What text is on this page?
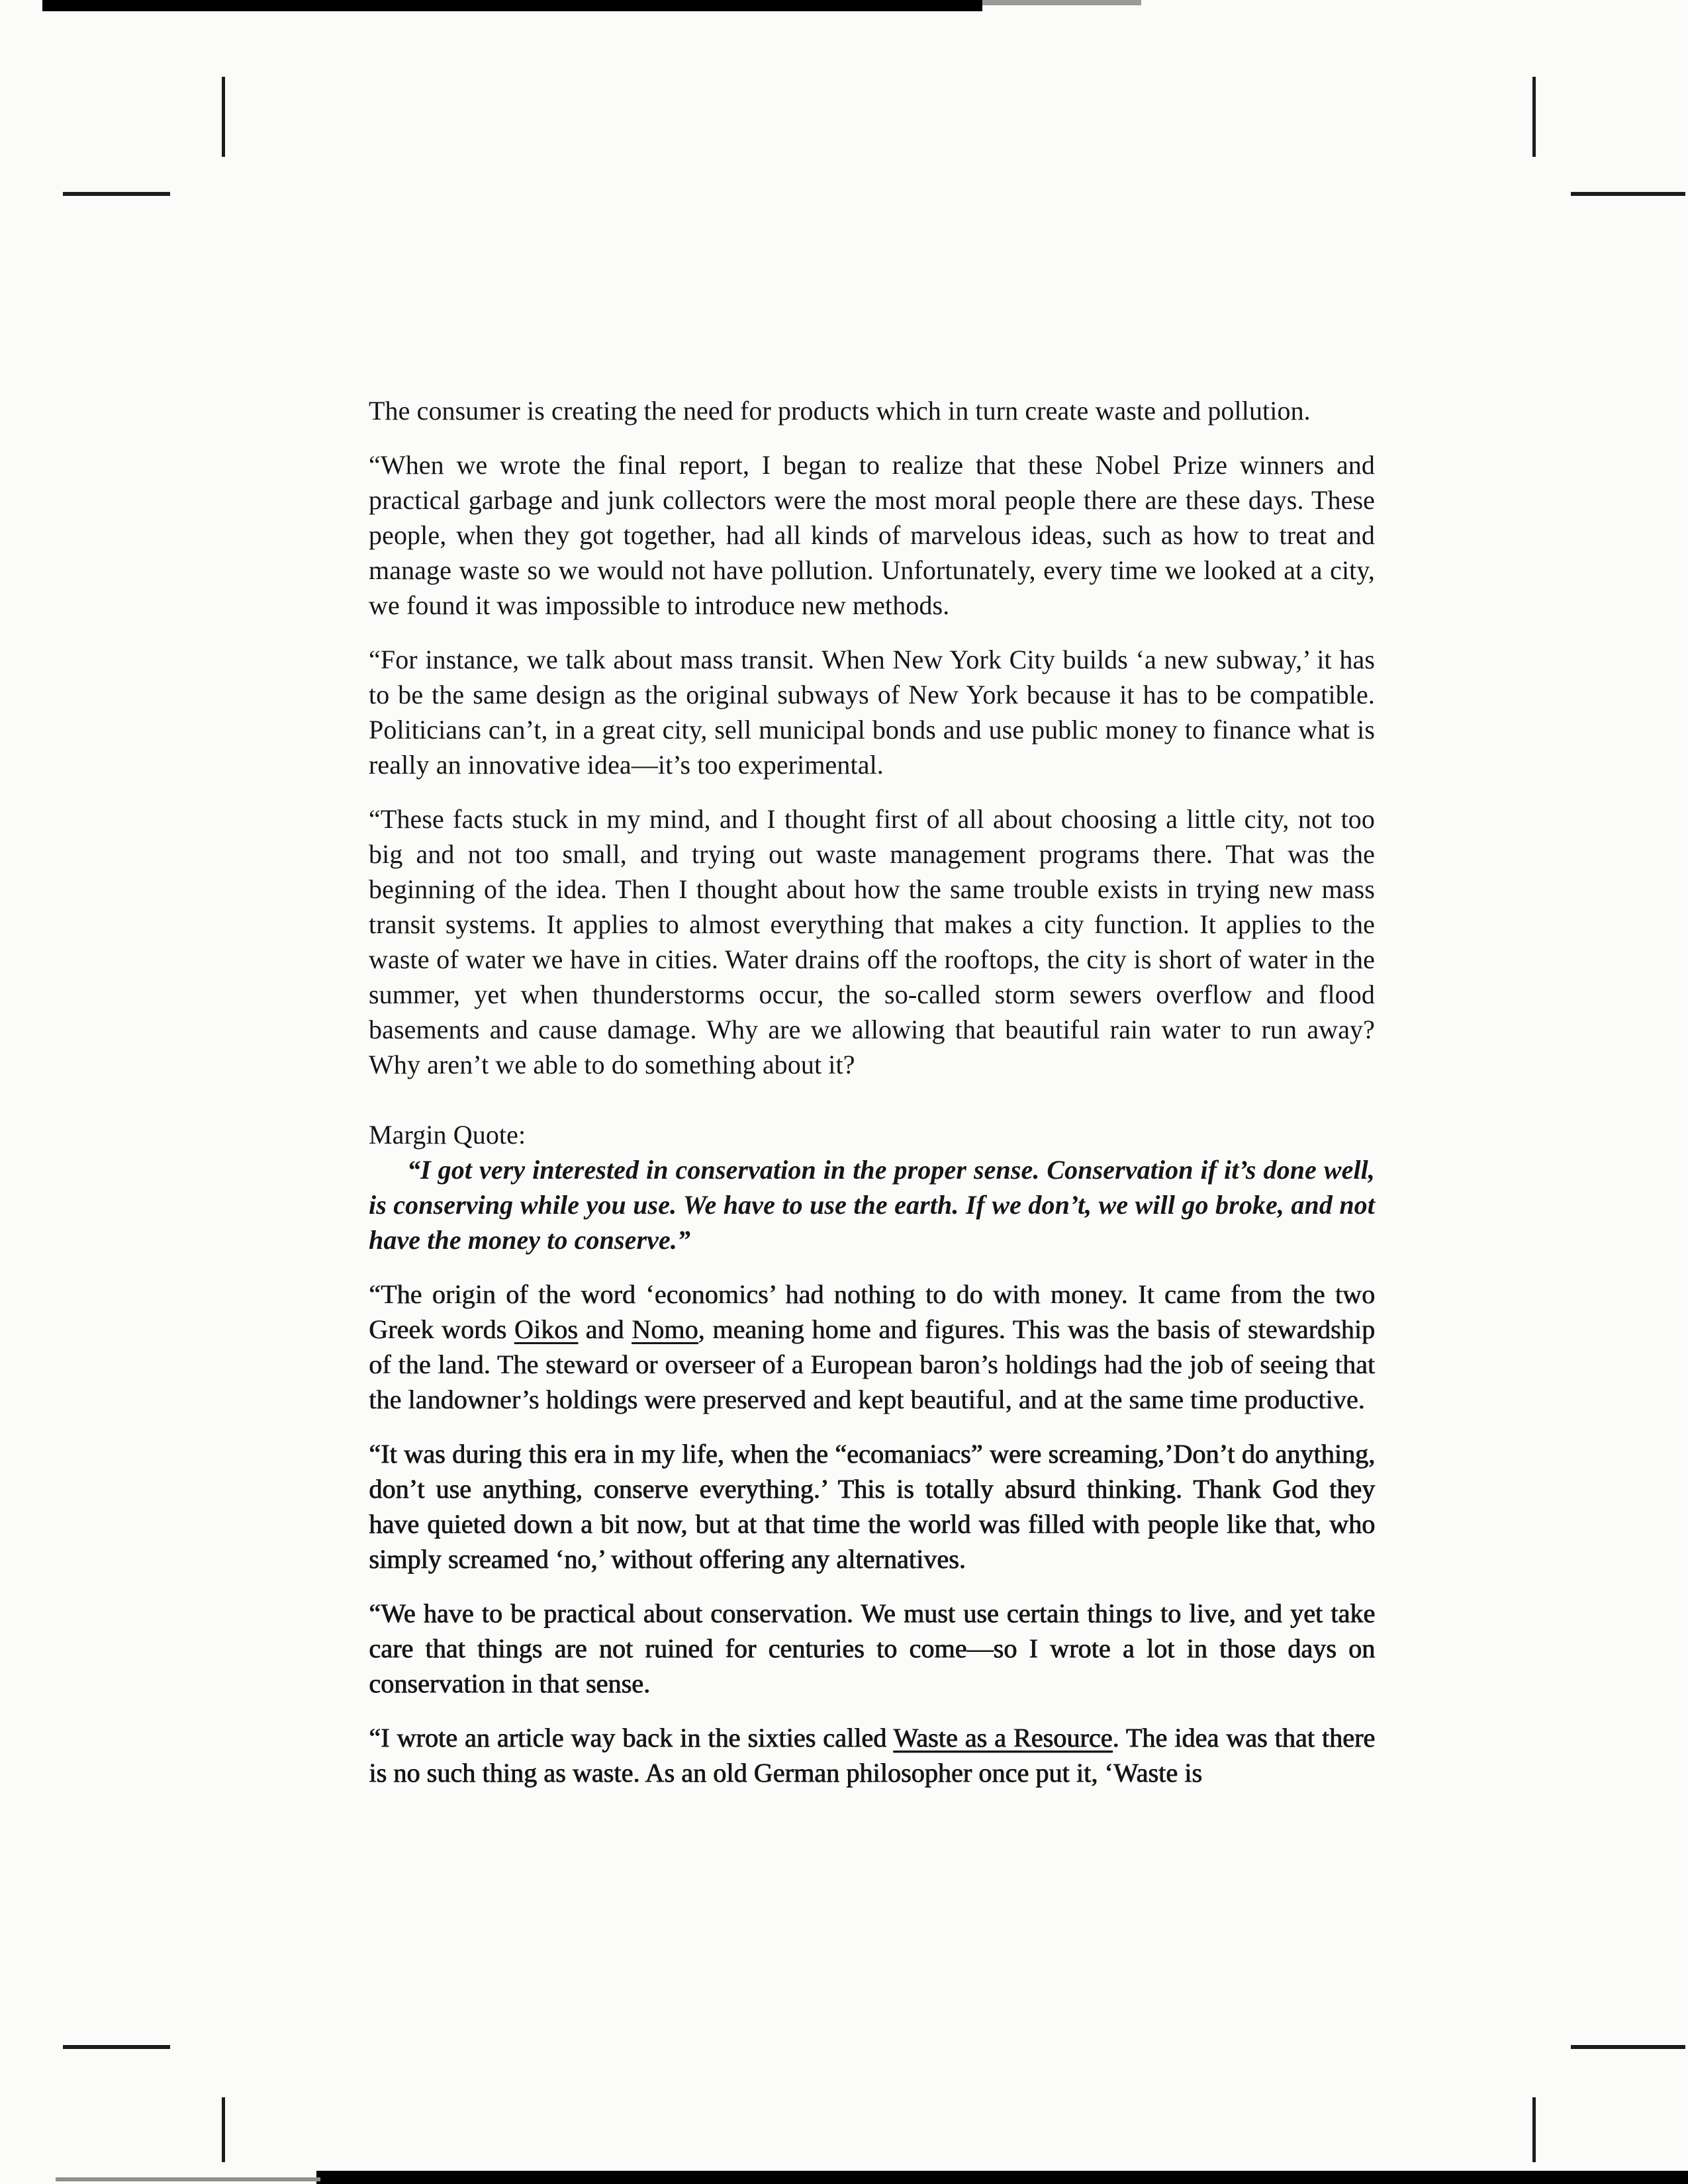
The consumer is creating the need for products which in turn create waste and pollution.

“When we wrote the final report, I began to realize that these Nobel Prize winners and practical garbage and junk collectors were the most moral people there are these days. These people, when they got together, had all kinds of marvelous ideas, such as how to treat and manage waste so we would not have pollution. Unfortunately, every time we looked at a city, we found it was impossible to introduce new methods.

“For instance, we talk about mass transit. When New York City builds ‘a new subway,’ it has to be the same design as the original subways of New York because it has to be compatible. Politicians can’t, in a great city, sell municipal bonds and use public money to finance what is really an innovative idea—it’s too experimental.

“These facts stuck in my mind, and I thought first of all about choosing a little city, not too big and not too small, and trying out waste management programs there. That was the beginning of the idea. Then I thought about how the same trouble exists in trying new mass transit systems. It applies to almost everything that makes a city function. It applies to the waste of water we have in cities. Water drains off the rooftops, the city is short of water in the summer, yet when thunderstorms occur, the so-called storm sewers overflow and flood basements and cause damage. Why are we allowing that beautiful rain water to run away? Why aren’t we able to do something about it?

Margin Quote:

“I got very interested in conservation in the proper sense. Conservation if it’s done well, is conserving while you use. We have to use the earth. If we don’t, we will go broke, and not have the money to conserve.”

“The origin of the word ‘economics’ had nothing to do with money. It came from the two Greek words Oikos and Nomo, meaning home and figures. This was the basis of stewardship of the land. The steward or overseer of a European baron’s holdings had the job of seeing that the landowner’s holdings were preserved and kept beautiful, and at the same time productive.

“It was during this era in my life, when the “ecomaniacs” were screaming,’Don’t do anything, don’t use anything, conserve everything.’ This is totally absurd thinking. Thank God they have quieted down a bit now, but at that time the world was filled with people like that, who simply screamed ‘no,’ without offering any alternatives.

“We have to be practical about conservation. We must use certain things to live, and yet take care that things are not ruined for centuries to come—so I wrote a lot in those days on conservation in that sense.

“I wrote an article way back in the sixties called Waste as a Resource. The idea was that there is no such thing as waste. As an old German philosopher once put it, ‘Waste is
